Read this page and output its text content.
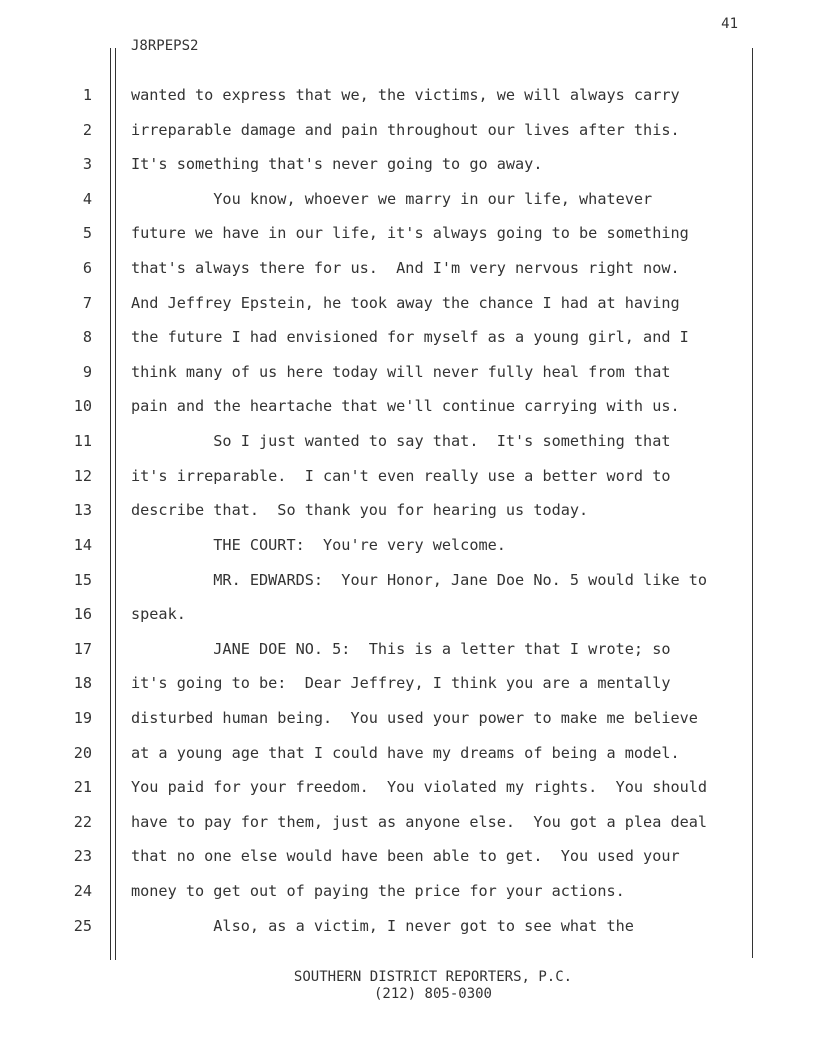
41
J8RPEPS2
1	wanted to express that we, the victims, we will always carry
2	irreparable damage and pain throughout our lives after this.
3	It's something that's never going to go away.
4	You know, whoever we marry in our life, whatever
5	future we have in our life, it's always going to be something
6	that's always there for us.  And I'm very nervous right now.
7	And Jeffrey Epstein, he took away the chance I had at having
8	the future I had envisioned for myself as a young girl, and I
9	think many of us here today will never fully heal from that
10	pain and the heartache that we'll continue carrying with us.
11	So I just wanted to say that.  It's something that
12	it's irreparable.  I can't even really use a better word to
13	describe that.  So thank you for hearing us today.
14	THE COURT:  You're very welcome.
15	MR. EDWARDS:  Your Honor, Jane Doe No. 5 would like to
16	speak.
17	JANE DOE NO. 5:  This is a letter that I wrote; so
18	it's going to be:  Dear Jeffrey, I think you are a mentally
19	disturbed human being.  You used your power to make me believe
20	at a young age that I could have my dreams of being a model.
21	You paid for your freedom.  You violated my rights.  You should
22	have to pay for them, just as anyone else.  You got a plea deal
23	that no one else would have been able to get.  You used your
24	money to get out of paying the price for your actions.
25	Also, as a victim, I never got to see what the
SOUTHERN DISTRICT REPORTERS, P.C.
(212) 805-0300
